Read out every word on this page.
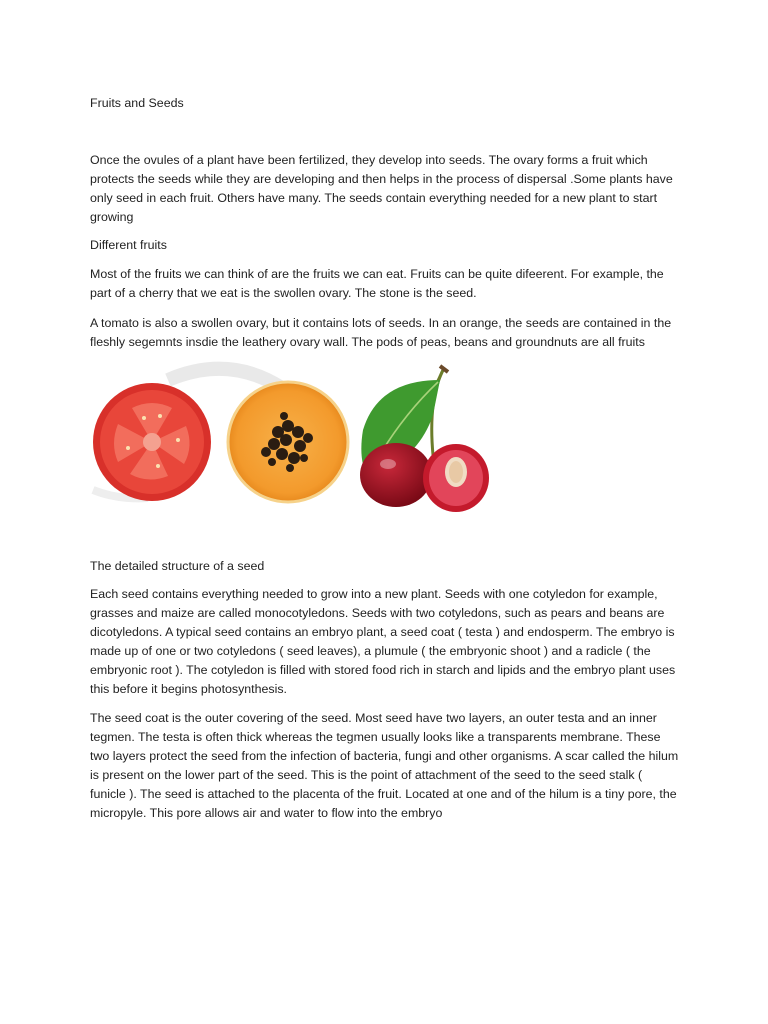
Fruits and Seeds

Once the ovules of a plant have been fertilized, they develop into seeds. The ovary forms a fruit which protects the seeds while they are developing and then helps in the process of dispersal .Some plants have only seed in each fruit. Others have many. The seeds contain everything needed for a new plant to start growing

Different fruits

Most of the fruits we can think of are the fruits we can eat. Fruits can be quite difeerent. For example, the part of a cherry that we eat is the swollen ovary. The stone is the seed.

A tomato is also a swollen ovary, but it contains lots of seeds. In an orange, the seeds are contained in the fleshly segemnts insdie the leathery ovary wall. The pods of peas, beans and groundnuts are all fruits

The detailed structure of a seed

Each seed contains everything needed to grow into a new plant. Seeds with one cotyledon for example, grasses and maize are called monocotyledons. Seeds with two cotyledons, such as pears and beans are dicotyledons. A typical seed contains an embryo plant, a seed coat ( testa ) and endosperm. The embryo is made up of one or two cotyledons ( seed leaves), a plumule ( the embryonic shoot ) and a radicle ( the embryonic root ). The cotyledon is filled with stored food rich in starch and lipids and the embryo plant uses this before it begins photosynthesis.

The seed coat is the outer covering of the seed. Most seed have two layers, an outer testa and an inner tegmen. The testa is often thick whereas the tegmen usually looks like a transparents membrane. These two layers protect the seed from the infection of bacteria, fungi and other organisms. A scar called the hilum is present on the lower part of the seed. This is the point of attachment of the seed to the seed stalk ( funicle ). The seed is attached to the placenta of the fruit. Located at one and of the hilum is a tiny pore, the micropyle. This pore allows air and water to flow into the embryo
